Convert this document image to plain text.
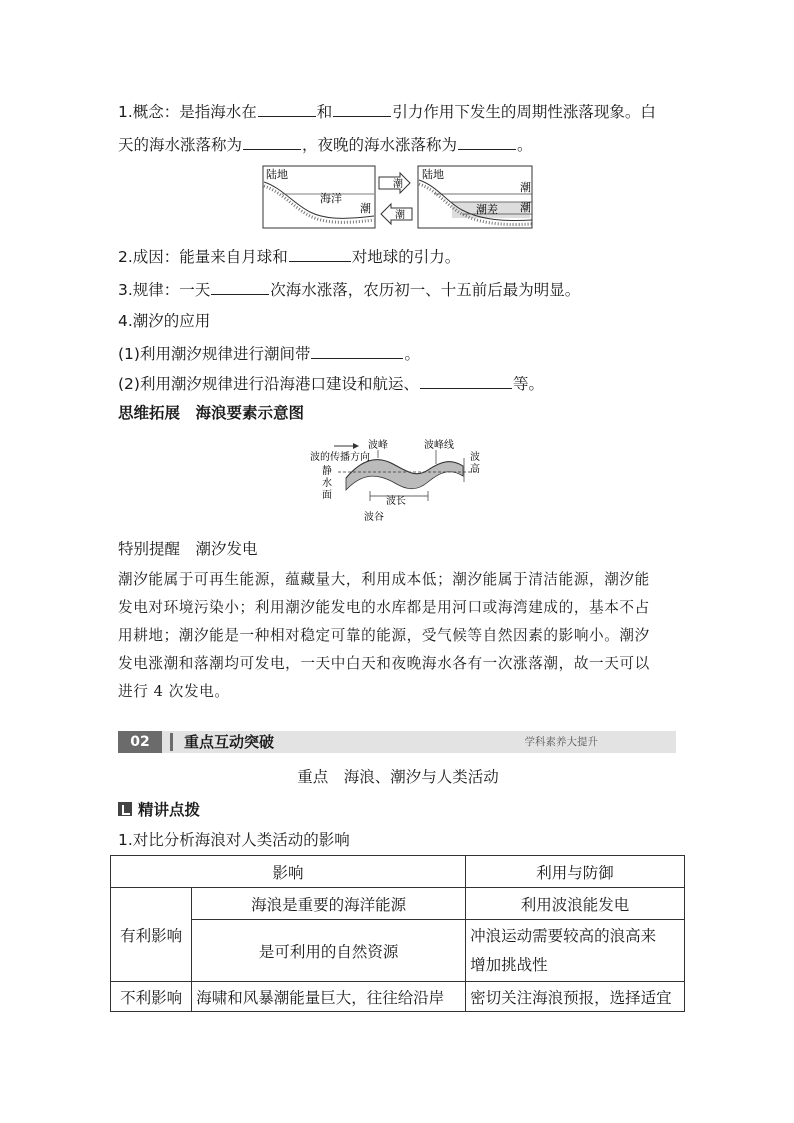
1.概念：是指海水在	和	引力作用下发生的周期性涨落现象。白
天的海水涨落称为	，夜晚的海水涨落称为	。
陆地
海洋
潮
潮
潮
陆地
潮
潮
潮差
2.成因：能量来自月球和	对地球的引力。
3.规律：一天	次海水涨落，农历初一、十五前后最为明显。
4.潮汐的应用
(1)利用潮汐规律进行潮间带	。
(2)利用潮汐规律进行沿海港口建设和航运、	等。
思维拓展　海浪要素示意图
波的传播方向
波峰	波峰线
波
高
静
水
面
波长
波谷
特别提醒　潮汐发电
潮汐能属于可再生能源，蕴藏量大，利用成本低；潮汐能属于清洁能源，潮汐能
发电对环境污染小；利用潮汐能发电的水库都是用河口或海湾建成的，基本不占
用耕地；潮汐能是一种相对稳定可靠的能源，受气候等自然因素的影响小。潮汐
发电涨潮和落潮均可发电，一天中白天和夜晚海水各有一次涨落潮，故一天可以
进行 4 次发电。
02	重点互动突破	学科素养大提升
重点　海浪、潮汐与人类活动
精讲点拨
1.对比分析海浪对人类活动的影响
影响		利用与防御
有利影响	海浪是重要的海洋能源	利用波浪能发电
	是可利用的自然资源	冲浪运动需要较高的浪高来
增加挑战性

不利影响	海啸和风暴潮能量巨大，往往给沿岸	密切关注海浪预报，选择适宜
